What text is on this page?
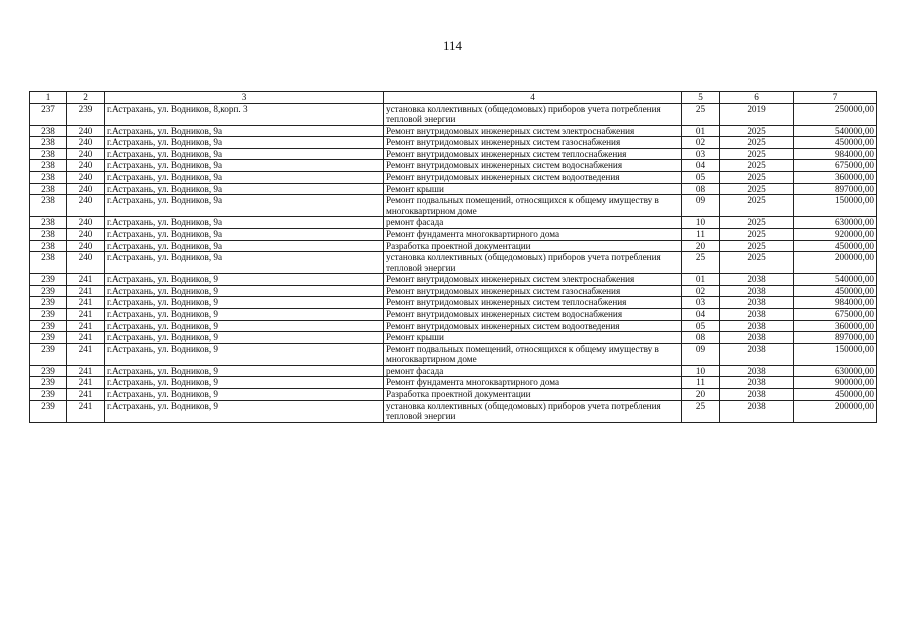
114
1	2	3	4	5	6	7
237	239	г.Астрахань, ул. Водников, 8,корп. 3	установка коллективных (общедомовых) приборов учета потребления тепловой энергии	25	2019	250000,00
238	240	г.Астрахань, ул. Водников, 9а	Ремонт внутридомовых инженерных систем электроснабжения	01	2025	540000,00
238	240	г.Астрахань, ул. Водников, 9а	Ремонт внутридомовых инженерных систем газоснабжения	02	2025	450000,00
238	240	г.Астрахань, ул. Водников, 9а	Ремонт внутридомовых инженерных систем теплоснабжения	03	2025	984000,00
238	240	г.Астрахань, ул. Водников, 9а	Ремонт внутридомовых инженерных систем водоснабжения	04	2025	675000,00
238	240	г.Астрахань, ул. Водников, 9а	Ремонт внутридомовых инженерных систем водоотведения	05	2025	360000,00
238	240	г.Астрахань, ул. Водников, 9а	Ремонт крыши	08	2025	897000,00
238	240	г.Астрахань, ул. Водников, 9а	Ремонт подвальных помещений, относящихся к общему имуществу в многоквартирном доме	09	2025	150000,00
238	240	г.Астрахань, ул. Водников, 9а	ремонт фасада	10	2025	630000,00
238	240	г.Астрахань, ул. Водников, 9а	Ремонт фундамента многоквартирного дома	11	2025	920000,00
238	240	г.Астрахань, ул. Водников, 9а	Разработка проектной документации	20	2025	450000,00
238	240	г.Астрахань, ул. Водников, 9а	установка коллективных (общедомовых) приборов учета потребления тепловой энергии	25	2025	200000,00
239	241	г.Астрахань, ул. Водников, 9	Ремонт внутридомовых инженерных систем электроснабжения	01	2038	540000,00
239	241	г.Астрахань, ул. Водников, 9	Ремонт внутридомовых инженерных систем газоснабжения	02	2038	450000,00
239	241	г.Астрахань, ул. Водников, 9	Ремонт внутридомовых инженерных систем теплоснабжения	03	2038	984000,00
239	241	г.Астрахань, ул. Водников, 9	Ремонт внутридомовых инженерных систем водоснабжения	04	2038	675000,00
239	241	г.Астрахань, ул. Водников, 9	Ремонт внутридомовых инженерных систем водоотведения	05	2038	360000,00
239	241	г.Астрахань, ул. Водников, 9	Ремонт крыши	08	2038	897000,00
239	241	г.Астрахань, ул. Водников, 9	Ремонт подвальных помещений, относящихся к общему имуществу в многоквартирном доме	09	2038	150000,00
239	241	г.Астрахань, ул. Водников, 9	ремонт фасада	10	2038	630000,00
239	241	г.Астрахань, ул. Водников, 9	Ремонт фундамента многоквартирного дома	11	2038	900000,00
239	241	г.Астрахань, ул. Водников, 9	Разработка проектной документации	20	2038	450000,00
239	241	г.Астрахань, ул. Водников, 9	установка коллективных (общедомовых) приборов учета потребления тепловой энергии	25	2038	200000,00
